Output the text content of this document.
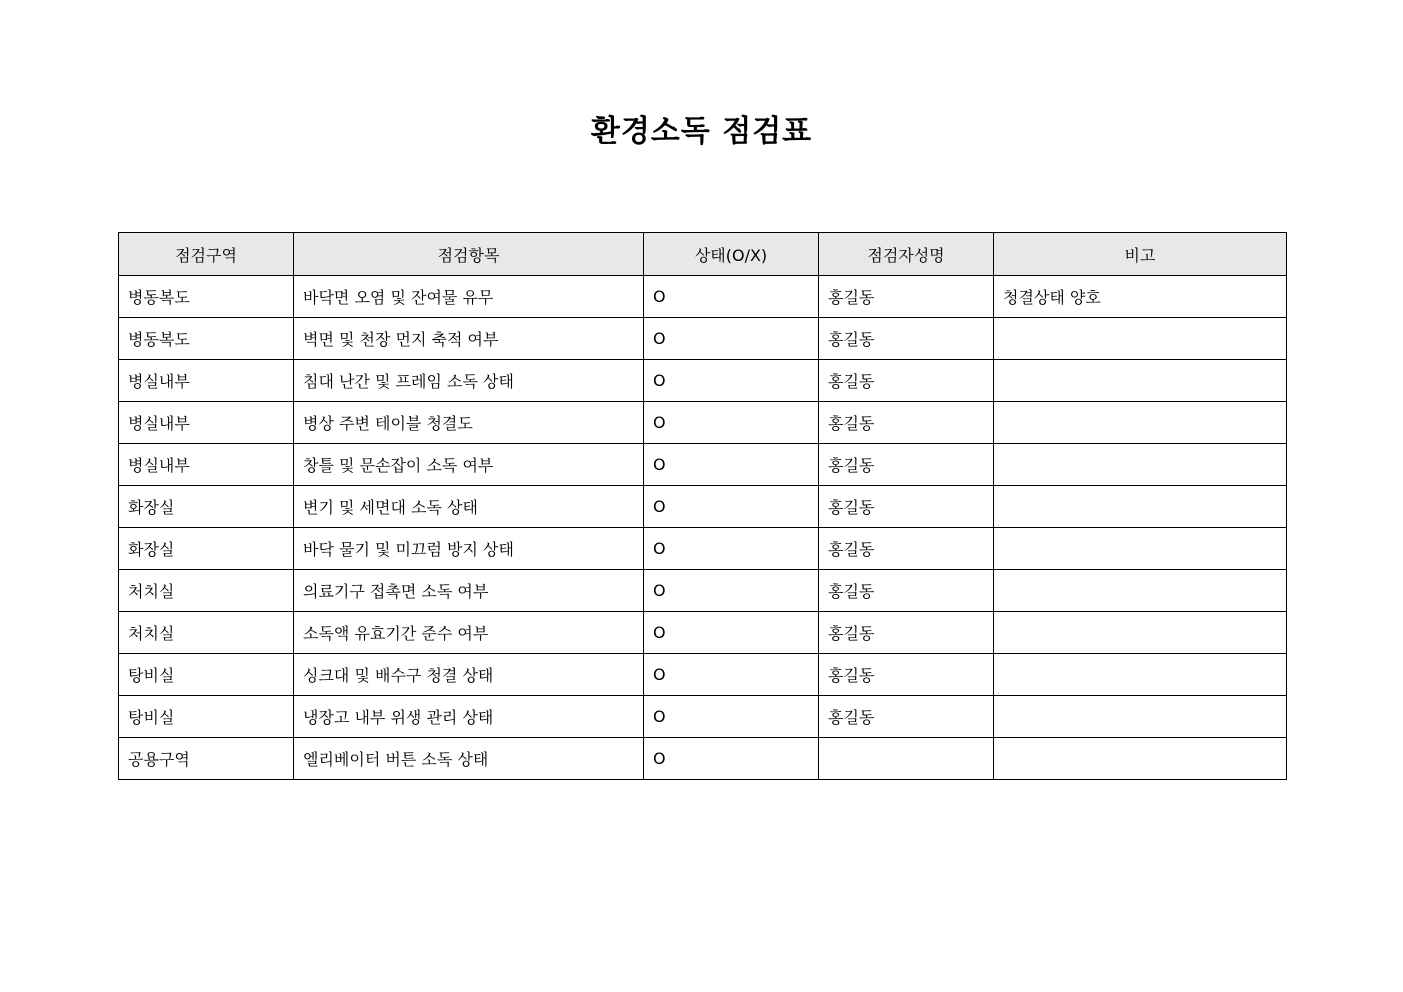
환경소독 점검표
점검구역	점검항목	상태(O/X)	점검자성명	비고
병동복도	바닥면 오염 및 잔여물 유무	O	홍길동	청결상태 양호
병동복도	벽면 및 천장 먼지 축적 여부	O	홍길동	
병실내부	침대 난간 및 프레임 소독 상태	O	홍길동	
병실내부	병상 주변 테이블 청결도	O	홍길동	
병실내부	창틀 및 문손잡이 소독 여부	O	홍길동	
화장실	변기 및 세면대 소독 상태	O	홍길동	
화장실	바닥 물기 및 미끄럼 방지 상태	O	홍길동	
처치실	의료기구 접촉면 소독 여부	O	홍길동	
처치실	소독액 유효기간 준수 여부	O	홍길동	
탕비실	싱크대 및 배수구 청결 상태	O	홍길동	
탕비실	냉장고 내부 위생 관리 상태	O	홍길동	
공용구역	엘리베이터 버튼 소독 상태	O		
